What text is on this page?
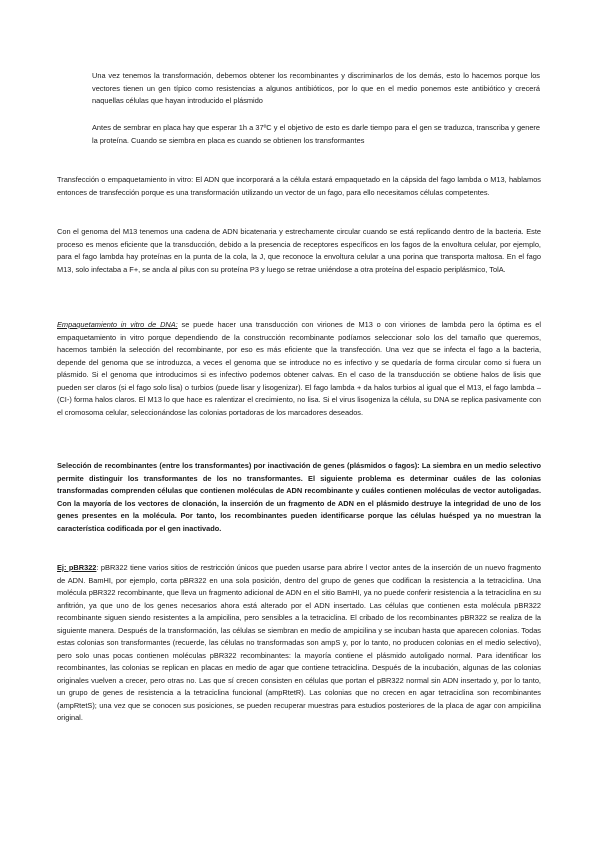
Una vez tenemos la transformación, debemos obtener los recombinantes y discriminarlos de los demás, esto lo hacemos porque los vectores tienen un gen típico como resistencias a algunos antibióticos, por lo que en el medio ponemos este antibiótico y crecerá naquellas células que hayan introducido el plásmido

Antes de sembrar en placa hay que esperar 1h a 37ºC y el objetivo de esto es darle tiempo para el gen se traduzca, transcriba y genere la proteína. Cuando se siembra en placa es cuando se obtienen los transformantes

Transfección o empaquetamiento in vitro: El ADN que incorporará a la célula estará empaquetado en la cápsida del fago lambda o M13, hablamos entonces de transfección porque es una transformación utilizando un vector de un fago, para ello necesitamos células competentes.

Con el genoma del M13 tenemos una cadena de ADN bicatenaria y estrechamente circular cuando se está replicando dentro de la bacteria. Este proceso es menos eficiente que la transducción, debido a la presencia de receptores específicos en los fagos de la envoltura celular, por ejemplo, para el fago lambda hay proteínas en la punta de la cola, la J, que reconoce la envoltura celular a una porina que transporta maltosa. En el fago M13, solo infectaba a F+, se ancla al pilus con su proteína P3 y luego se retrae uniéndose a otra proteína del espacio periplásmico, TolA.

Empaquetamiento in vitro de DNA: se puede hacer una transducción con viriones de M13 o con viriones de lambda pero la óptima es el empaquetamiento in vitro porque dependiendo de la construcción recombinante podíamos seleccionar solo los del tamaño que queremos, hacemos también la selección del recombinante, por eso es más eficiente que la transfección. Una vez que se infecta el fago a la bacteria, depende del genoma que se introduzca, a veces el genoma que se introduce no es infectivo y se quedaría de forma circular como si fuera un plásmido. Si el genoma que introducimos si es infectivo podemos obtener calvas. En el caso de la transducción se obtiene halos de lisis que pueden ser claros (si el fago solo lisa) o turbios (puede lisar y lisogenizar). El fago lambda + da halos turbios al igual que el M13, el fago lambda – (CI-) forma halos claros. El M13 lo que hace es ralentizar el crecimiento, no lisa. Si el virus lisogeniza la célula, su DNA se replica pasivamente con el cromosoma celular, seleccionándose las colonias portadoras de los marcadores deseados.

Selección de recombinantes (entre los transformantes) por inactivación de genes (plásmidos o fagos): La siembra en un medio selectivo permite distinguir los transformantes de los no transformantes. El siguiente problema es determinar cuáles de las colonias transformadas comprenden células que contienen moléculas de ADN recombinante y cuáles contienen moléculas de vector autoligadas. Con la mayoría de los vectores de clonación, la inserción de un fragmento de ADN en el plásmido destruye la integridad de uno de los genes presentes en la molécula. Por tanto, los recombinantes pueden identificarse porque las células huésped ya no muestran la característica codificada por el gen inactivado.

Ej: pBR322: pBR322 tiene varios sitios de restricción únicos que pueden usarse para abrire l vector antes de la inserción de un nuevo fragmento de ADN. BamHI, por ejemplo, corta pBR322 en una sola posición, dentro del grupo de genes que codifican la resistencia a la tetraciclina. Una molécula pBR322 recombinante, que lleva un fragmento adicional de ADN en el sitio BamHI, ya no puede conferir resistencia a la tetraciclina en su anfitrión, ya que uno de los genes necesarios ahora está alterado por el ADN insertado. Las células que contienen esta molécula pBR322 recombinante siguen siendo resistentes a la ampicilina, pero sensibles a la tetraciclina. El cribado de los recombinantes pBR322 se realiza de la siguiente manera. Después de la transformación, las células se siembran en medio de ampicilina y se incuban hasta que aparecen colonias. Todas estas colonias son transformantes (recuerde, las células no transformadas son ampS y, por lo tanto, no producen colonias en el medio selectivo), pero solo unas pocas contienen moléculas pBR322 recombinantes: la mayoría contiene el plásmido autoligado normal. Para identificar los recombinantes, las colonias se replican en placas en medio de agar que contiene tetraciclina. Después de la incubación, algunas de las colonias originales vuelven a crecer, pero otras no. Las que sí crecen consisten en células que portan el pBR322 normal sin ADN insertado y, por lo tanto, un grupo de genes de resistencia a la tetraciclina funcional (ampRtetR). Las colonias que no crecen en agar tetraciclina son recombinantes (ampRtetS); una vez que se conocen sus posiciones, se pueden recuperar muestras para estudios posteriores de la placa de agar con ampicilina original.
